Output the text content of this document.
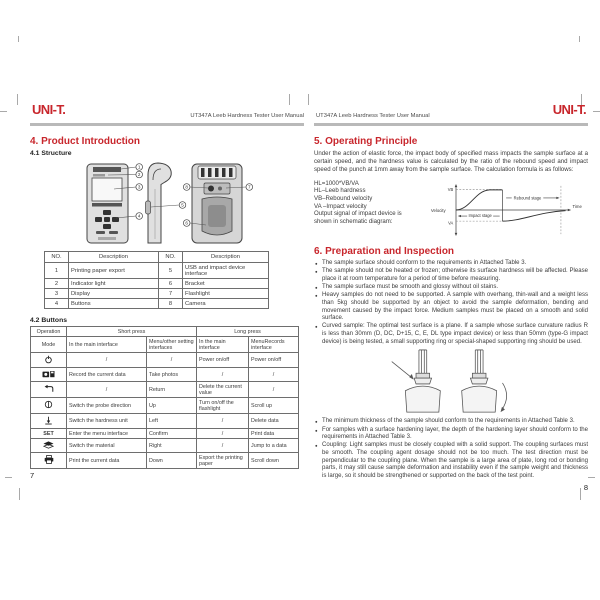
UNI-T.	UT347A Leeb Hardness Tester User Manual
4. Product Introduction
4.1 Structure
1
2
3
4
5
6
7
8
NO.	Description	NO.	Description
1	Printing paper export	5	USB and impact device interface
2	Indicator light	6	Bracket
3	Display	7	Flashlight
4	Buttons	8	Camera
4.2 Buttons
Operation	Short press		Long press	
Mode	In the main interface	Menu/other setting interfaces	In the main interface	MenuRecords interface
	/	/	Power on/off	Power on/off
	Record the current data	Take photos	/	/
	/	Return	Delete the current value	/
	Switch the probe direction	Up	Turn on/off the flashlight	Scroll up
	Switch the hardness unit	Left	/	Delete data
SET	Enter the menu interface	Confirm	/	Print data
	Switch the material	Right	/	Jump to a data
	Print the current data	Down	Export the printing paper	Scroll down
7
UNI-T.
UT347A Leeb Hardness Tester User Manual
5. Operating Principle
Under the action of elastic force, the impact body of specified mass impacts the sample surface at a certain speed, and the hardness value is calculated by the ratio of the rebound speed and impact speed of the punch at 1mm away from the sample surface. The calculation formula is as follows:
HL=1000*VB/VA
HL–Leeb hardness
VB–Rebound velocity
VA –Impact velocity
Output signal of impact device is
shown in schematic diagram:
Velocity
Time
VB
VA
Rebound stage
Impact stage
6. Preparation and Inspection
● The sample surface should conform to the requirements in Attached Table 3.
● The sample should not be heated or frozen; otherwise its surface hardness will be affected. Please place it at room temperature for a period of time before measuring.
● The sample surface must be smooth and glossy without oil stains.
● Heavy samples do not need to be supported. A sample with overhang, thin-wall and a weight less than 5kg should be supported by an object to avoid the sample deformation, bending and movement caused by the impact force. Medium samples must be placed on a smooth and solid surface.
● Curved sample: The optimal test surface is a plane. If a sample whose surface curvature radius R is less than 30mm (D, DC, D+15, C, E, DL type impact device) or less than 50mm (type-G impact device) is being tested, a small supporting ring or special-shaped supporting ring should be used.
● The minimum thickness of the sample should conform to the requirements in Attached Table 3.
● For samples with a surface hardening layer, the depth of the hardening layer should conform to the requirements in Attached Table 3.
● Coupling: Light samples must be closely coupled with a solid support. The coupling surfaces must be smooth. The coupling agent dosage should not be too much. The test direction must be perpendicular to the coupling plane. When the sample is a large area of plate, long rod or bonding parts, it may still cause sample deformation and instability even if the sample weight and thickness is large, so it should be strengthened or supported on the back of the test point.
8
